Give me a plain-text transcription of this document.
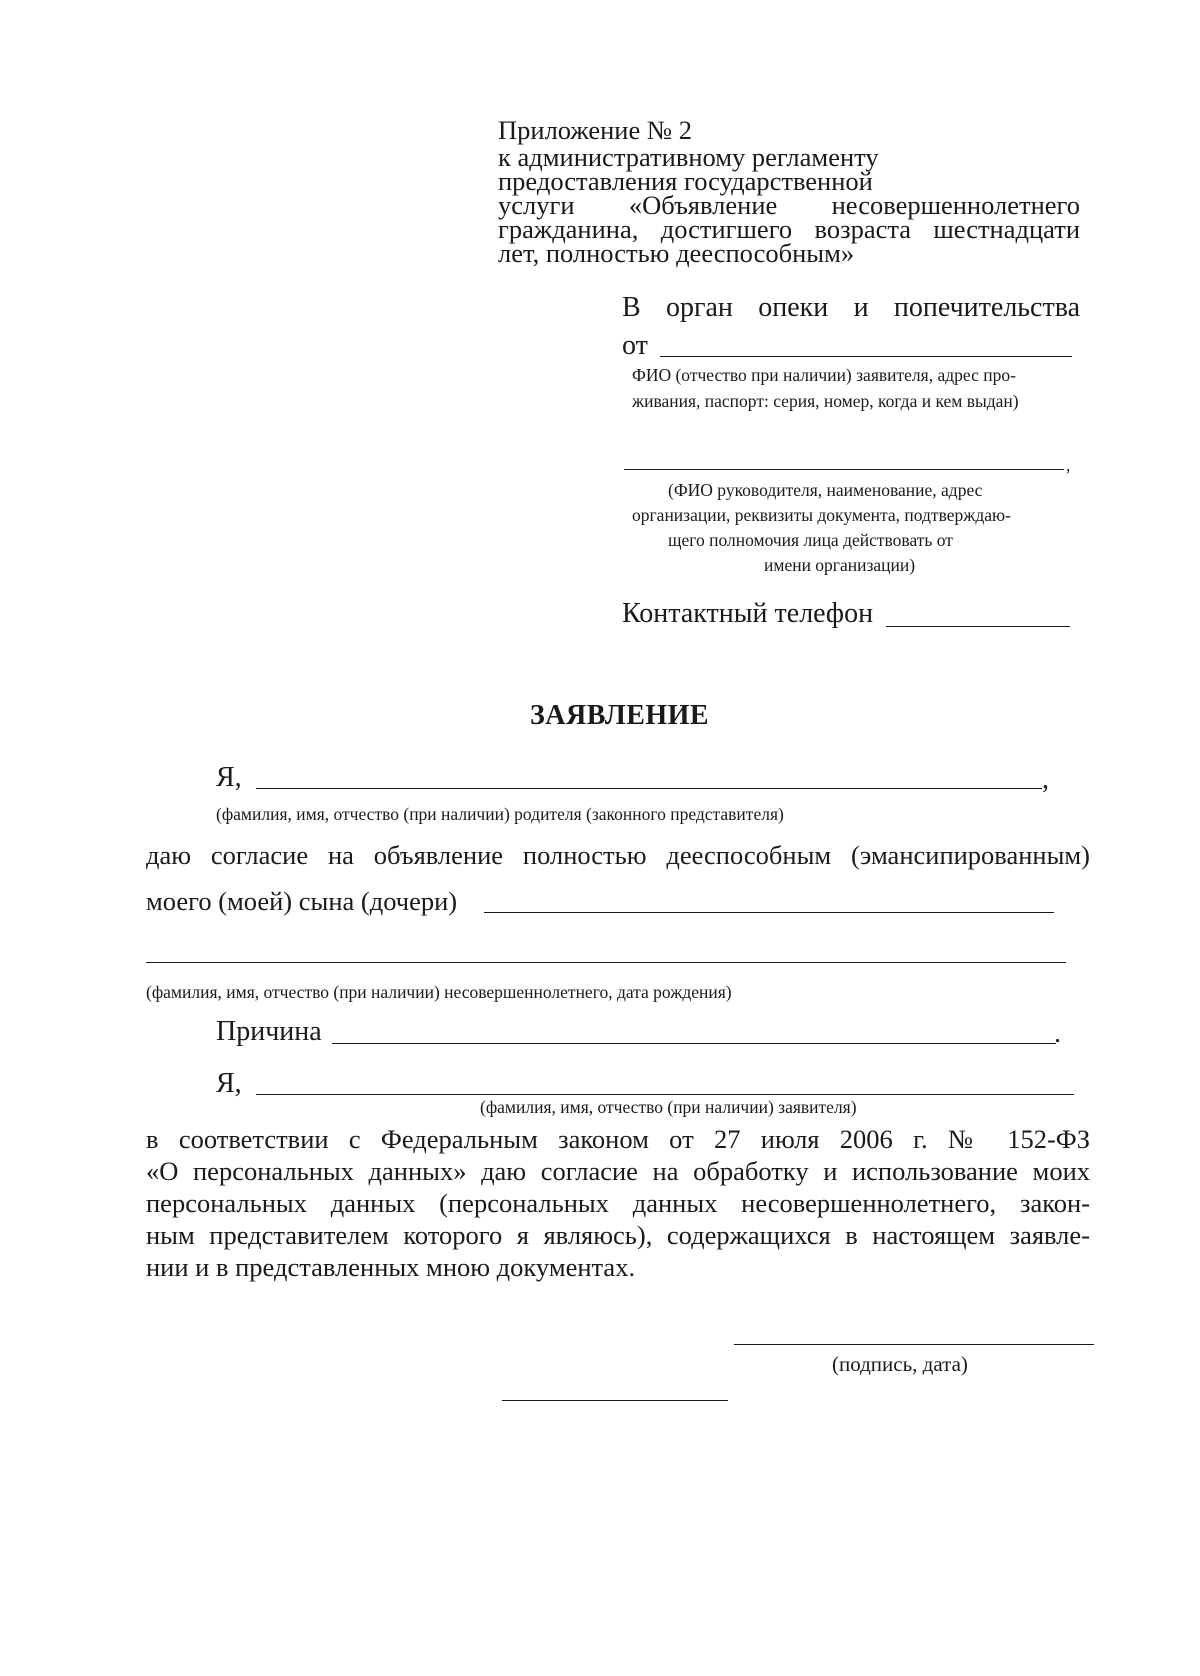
Приложение № 2
к административному регламенту
предоставления государственной
услуги «Объявление несовершеннолетнего
гражданина, достигшего возраста шестнадцати
лет, полностью дееспособным»
В орган опеки и попечительства
от
ФИО (отчество при наличии) заявителя, адрес про-
живания, паспорт: серия, номер, когда и кем выдан)
,
(ФИО руководителя, наименование, адрес
организации, реквизиты документа, подтверждаю-
щего полномочия лица действовать от
имени организации)
Контактный телефон
ЗАЯВЛЕНИЕ
Я,	,
(фамилия, имя, отчество (при наличии) родителя (законного представителя)
даю согласие на объявление полностью дееспособным (эмансипированным)
моего (моей) сына (дочери)
(фамилия, имя, отчество (при наличии) несовершеннолетнего, дата рождения)
Причина	.
Я,
(фамилия, имя, отчество (при наличии) заявителя)
в соответствии с Федеральным законом от 27 июля 2006 г. № 152-ФЗ
«О персональных данных» даю согласие на обработку и использование моих
персональных данных (персональных данных несовершеннолетнего, закон-
ным представителем которого я являюсь), содержащихся в настоящем заявле-
нии и в представленных мною документах.
(подпись, дата)
